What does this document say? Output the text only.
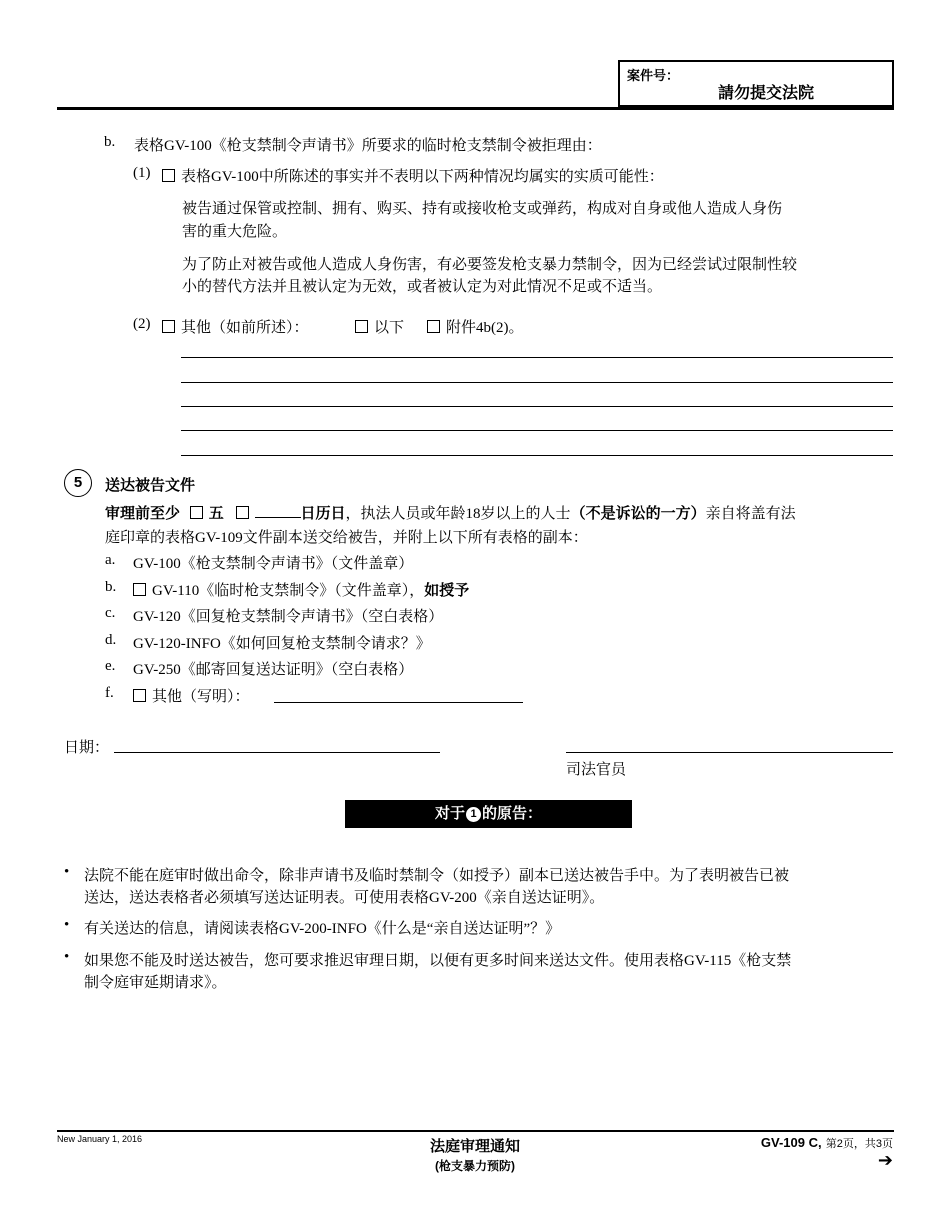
案件号：
請勿提交法院
b. 表格GV-100《枪支禁制令声请书》所要求的临时枪支禁制令被拒理由：
(1)	表格GV-100中所陈述的事实并不表明以下两种情况均属实的实质可能性：
被告通过保管或控制、拥有、购买、持有或接收枪支或弹药，构成对自身或他人造成人身伤
害的重大危险。
为了防止对被告或他人造成人身伤害，有必要签发枪支暴力禁制令，因为已经尝试过限制性较
小的替代方法并且被认定为无效，或者被认定为对此情况不足或不适当。
(2)	其他（如前所述）：	以下	附件4b(2)。
5	送达被告文件
审理前至少 五	日历日，执法人员或年龄18岁以上的人士（不是诉讼的一方）亲自将盖有法
庭印章的表格GV-109文件副本送交给被告，并附上以下所有表格的副本：
a. GV-100《枪支禁制令声请书》（文件盖章）
b.	GV-110《临时枪支禁制令》（文件盖章），如授予
c. GV-120《回复枪支禁制令声请书》（空白表格）
d. GV-120-INFO《如何回复枪支禁制令请求？》
e. GV-250《邮寄回复送达证明》（空白表格）
f.	其他（写明）：
日期：
司法官员
对于 1 的原告：
• 法院不能在庭审时做出命令，除非声请书及临时禁制令（如授予）副本已送达被告手中。为了表明被告已被
送达，送达表格者必须填写送达证明表。可使用表格GV-200《亲自送达证明》。
• 有关送达的信息，请阅读表格GV-200-INFO《什么是“亲自送达证明”？》
• 如果您不能及时送达被告，您可要求推迟审理日期，以便有更多时间来送达文件。使用表格GV-115《枪支禁
制令庭审延期请求》。
New January 1, 2016	法庭审理通知
(枪支暴力预防)
GV-109 C, 第2页，共3页
➔
